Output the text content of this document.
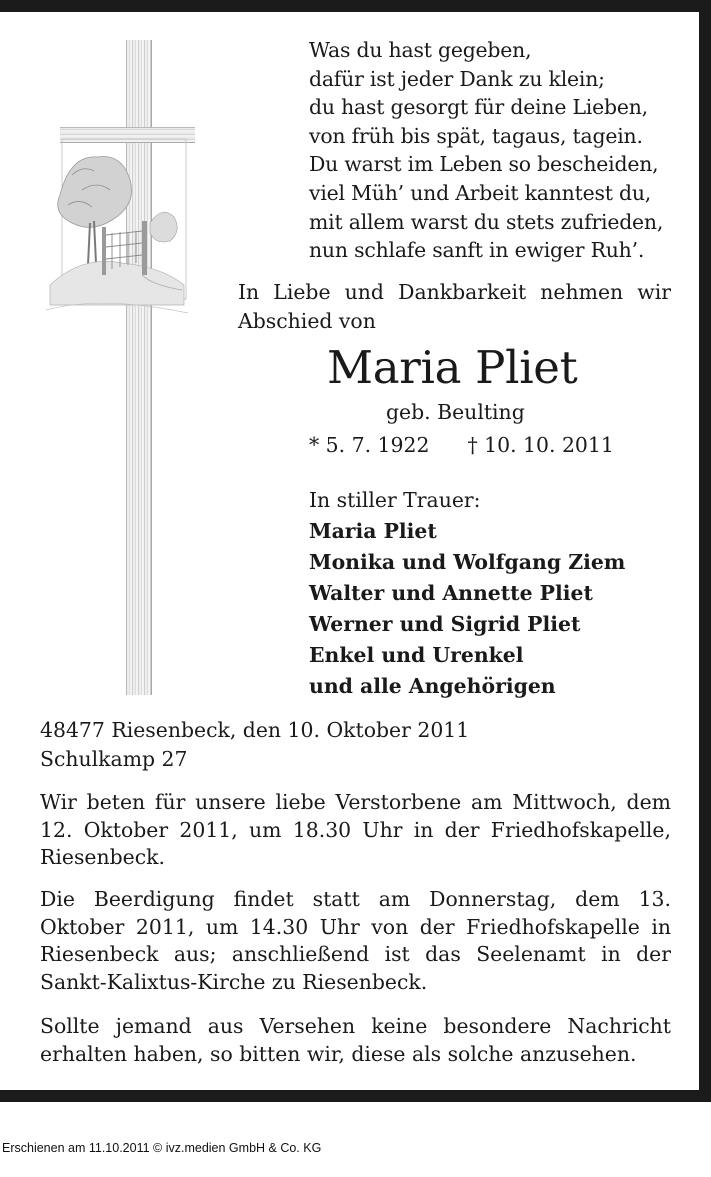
Was du hast gegeben,
dafür ist jeder Dank zu klein;
du hast gesorgt für deine Lieben,
von früh bis spät, tagaus, tagein.
Du warst im Leben so bescheiden,
viel Müh’ und Arbeit kanntest du,
mit allem warst du stets zufrieden,
nun schlafe sanft in ewiger Ruh’.
In Liebe und Dankbarkeit nehmen wir Abschied von
Maria Pliet
geb. Beulting
* 5. 7. 1922 † 10. 10. 2011
In stiller Trauer:
Maria Pliet
Monika und Wolfgang Ziem
Walter und Annette Pliet
Werner und Sigrid Pliet
Enkel und Urenkel
und alle Angehörigen
48477 Riesenbeck, den 10. Oktober 2011
Schulkamp 27
Wir beten für unsere liebe Verstorbene am Mittwoch, dem 12. Oktober 2011, um 18.30 Uhr in der Friedhofskapelle, Riesenbeck.
Die Beerdigung findet statt am Donnerstag, dem 13. Oktober 2011, um 14.30 Uhr von der Friedhofskapelle in Riesenbeck aus; anschließend ist das Seelenamt in der Sankt-Kalixtus-Kirche zu Riesenbeck.
Sollte jemand aus Versehen keine besondere Nachricht erhalten haben, so bitten wir, diese als solche anzusehen.
Erschienen am 11.10.2011 © ivz.medien GmbH & Co. KG
